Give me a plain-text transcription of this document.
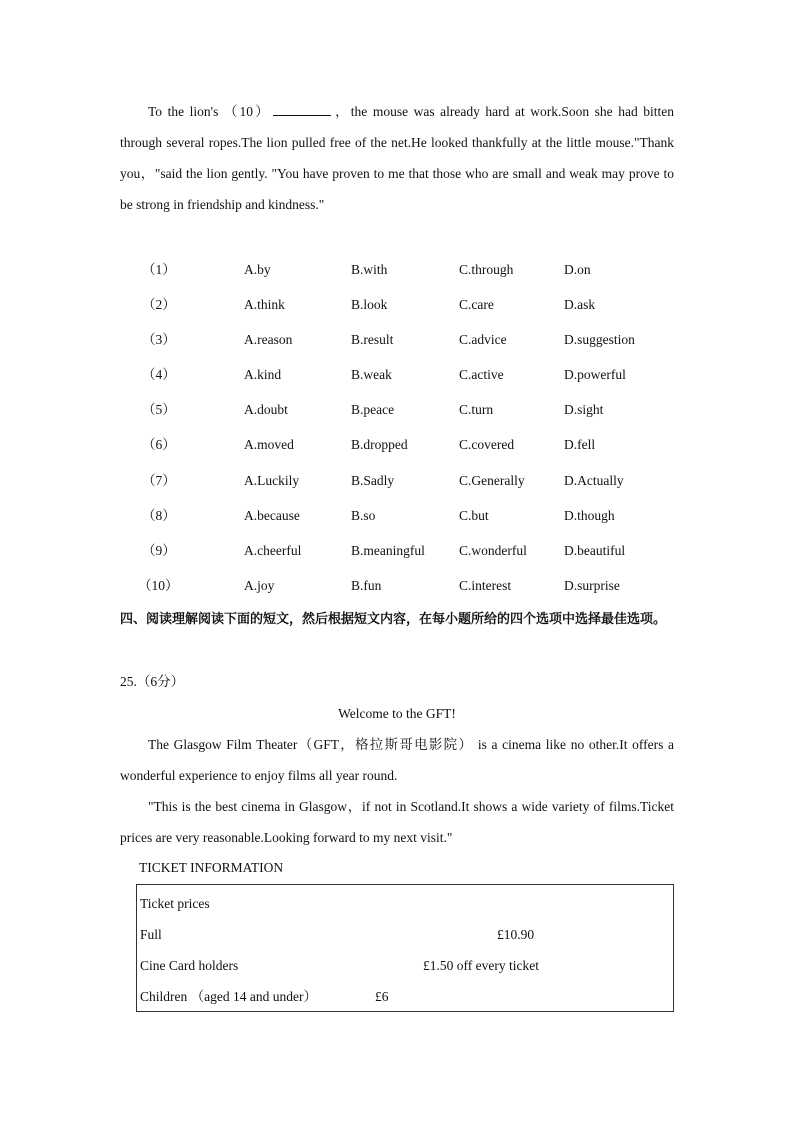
To the lion's （10）	，the mouse was already hard at work.Soon she had bitten through several ropes.The lion pulled free of the net.He looked thankfully at the little mouse."Thank you，"said the lion gently. "You have proven to me that those who are small and weak may prove to be strong in friendship and kindness."
（1）	A.by	B.with	C.through	D.on
（2）	A.think	B.look	C.care	D.ask
（3）	A.reason	B.result	C.advice	D.suggestion
（4）	A.kind	B.weak	C.active	D.powerful
（5）	A.doubt	B.peace	C.turn	D.sight
（6）	A.moved	B.dropped	C.covered	D.fell
（7）	A.Luckily	B.Sadly	C.Generally	D.Actually
（8）	A.because	B.so	C.but	D.though
（9）	A.cheerful	B.meaningful	C.wonderful	D.beautiful
（10）	A.joy	B.fun	C.interest	D.surprise
四、阅读理解阅读下面的短文，然后根据短文内容，在每小题所给的四个选项中选择最佳选项。
25.（6分）
Welcome to the GFT!
The Glasgow Film Theater（GFT，格拉斯哥电影院） is a cinema like no other.It offers a wonderful experience to enjoy films all year round.
"This is the best cinema in Glasgow，if not in Scotland.It shows a wide variety of films.Ticket prices are very reasonable.Looking forward to my next visit."
TICKET INFORMATION
Ticket prices
Full	£10.90
Cine Card holders	£1.50 off every ticket
Children （aged 14 and under）	£6
